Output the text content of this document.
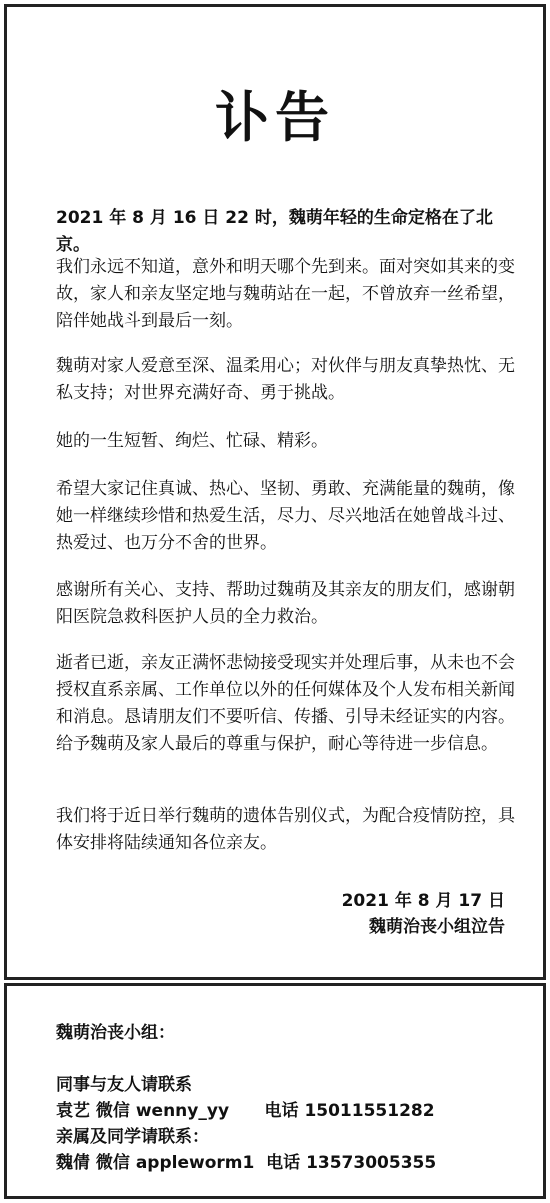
讣告

2021 年 8 月 16 日 22 时，魏萌年轻的生命定格在了北京。

我们永远不知道，意外和明天哪个先到来。面对突如其来的变故，家人和亲友坚定地与魏萌站在一起，不曾放弃一丝希望，陪伴她战斗到最后一刻。

魏萌对家人爱意至深、温柔用心；对伙伴与朋友真挚热忱、无私支持；对世界充满好奇、勇于挑战。

她的一生短暂、绚烂、忙碌、精彩。

希望大家记住真诚、热心、坚韧、勇敢、充满能量的魏萌，像她一样继续珍惜和热爱生活，尽力、尽兴地活在她曾战斗过、热爱过、也万分不舍的世界。

感谢所有关心、支持、帮助过魏萌及其亲友的朋友们，感谢朝阳医院急救科医护人员的全力救治。

逝者已逝，亲友正满怀悲恸接受现实并处理后事，从未也不会授权直系亲属、工作单位以外的任何媒体及个人发布相关新闻和消息。恳请朋友们不要听信、传播、引导未经证实的内容。给予魏萌及家人最后的尊重与保护，耐心等待进一步信息。

我们将于近日举行魏萌的遗体告别仪式，为配合疫情防控，具体安排将陆续通知各位亲友。

2021 年 8 月 17 日
魏萌治丧小组泣告
魏萌治丧小组：
同事与友人请联系
袁艺 微信 wenny_yy      电话 15011551282
亲属及同学请联系：
魏倩 微信 appleworm1  电话 13573005355
